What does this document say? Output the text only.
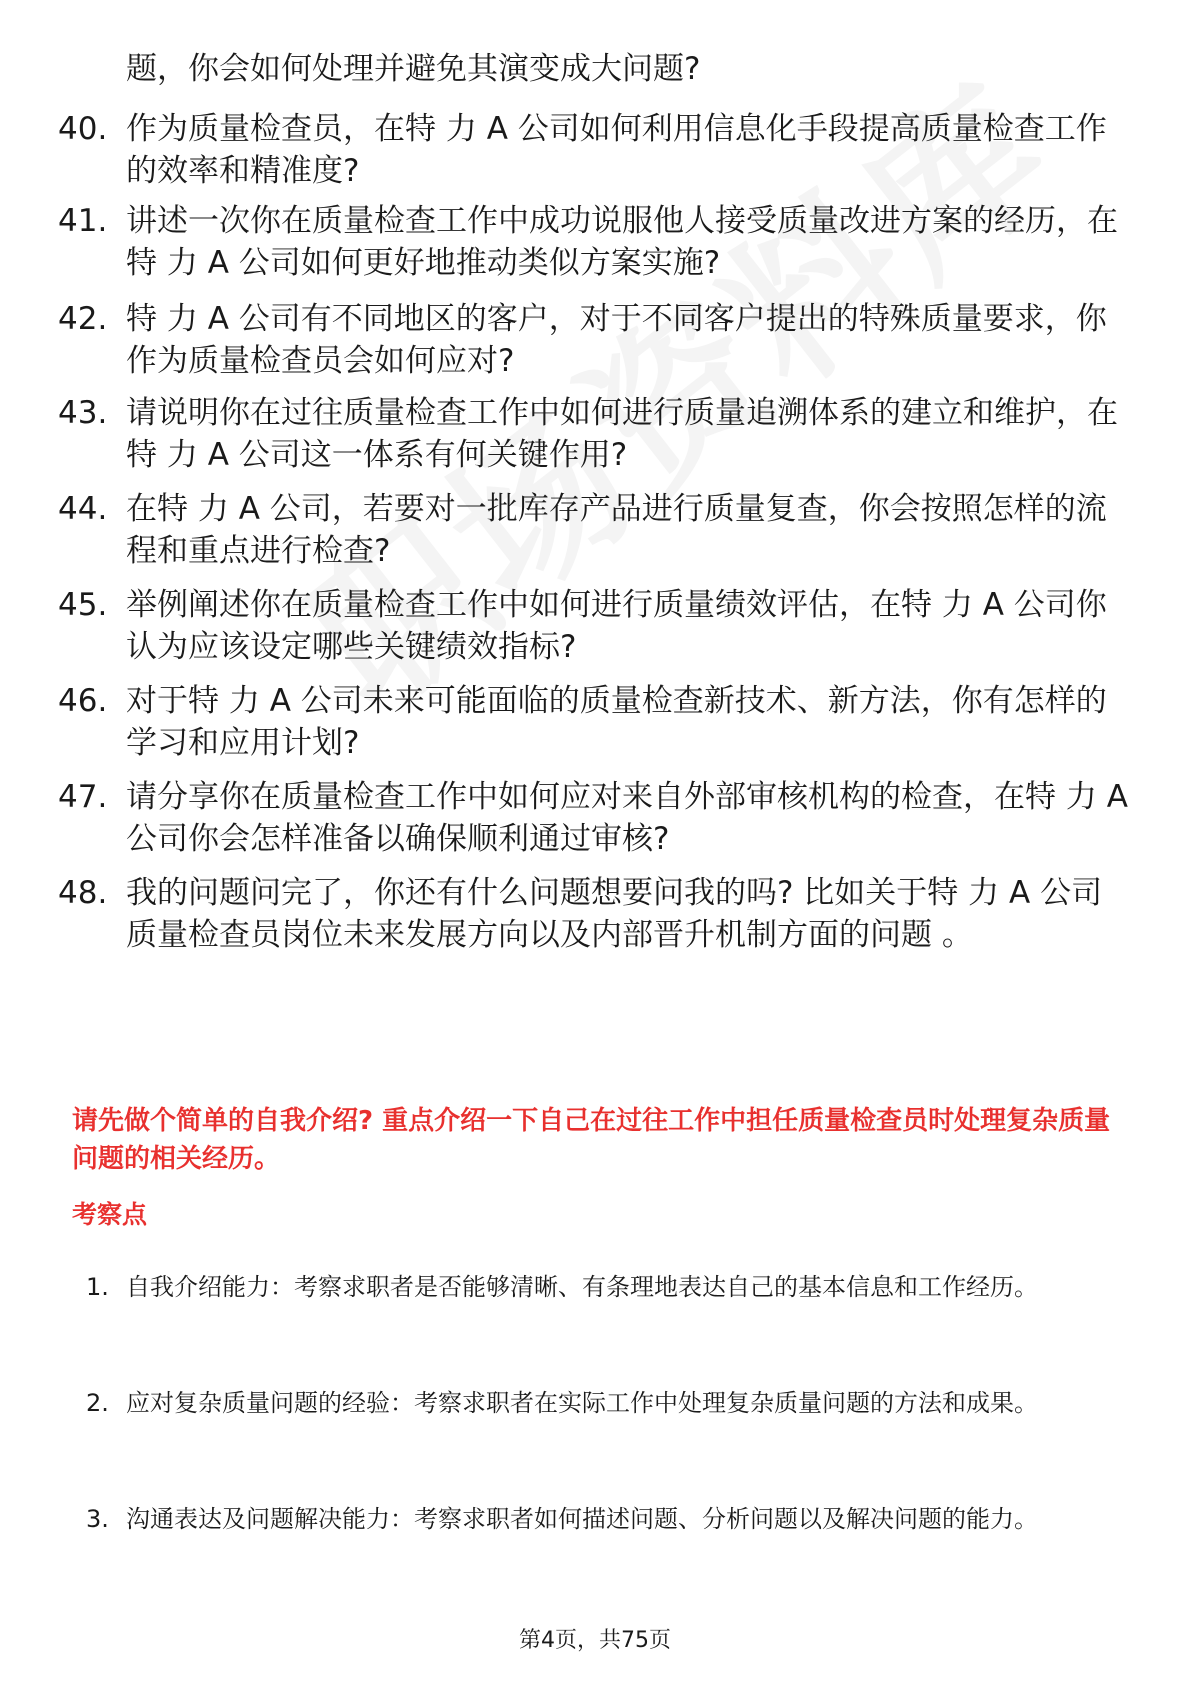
题，你会如何处理并避免其演变成大问题?
40. 作为质量检查员，在特 力 A 公司如何利用信息化手段提高质量检查工作的效率和精准度?
41. 讲述一次你在质量检查工作中成功说服他人接受质量改进方案的经历，在特 力 A 公司如何更好地推动类似方案实施?
42. 特 力 A 公司有不同地区的客户，对于不同客户提出的特殊质量要求，你作为质量检查员会如何应对?
43. 请说明你在过往质量检查工作中如何进行质量追溯体系的建立和维护，在特 力 A 公司这一体系有何关键作用?
44. 在特 力 A 公司，若要对一批库存产品进行质量复查，你会按照怎样的流程和重点进行检查?
45. 举例阐述你在质量检查工作中如何进行质量绩效评估，在特 力 A 公司你认为应该设定哪些关键绩效指标?
46. 对于特 力 A 公司未来可能面临的质量检查新技术、新方法，你有怎样的学习和应用计划?
47. 请分享你在质量检查工作中如何应对来自外部审核机构的检查，在特 力 A 公司你会怎样准备以确保顺利通过审核?
48. 我的问题问完了，你还有什么问题想要问我的吗? 比如关于特 力 A 公司质量检查员岗位未来发展方向以及内部晋升机制方面的问题 。
请先做个简单的自我介绍? 重点介绍一下自己在过往工作中担任质量检查员时处理复杂质量问题的相关经历。
考察点
1. 自我介绍能力：考察求职者是否能够清晰、有条理地表达自己的基本信息和工作经历。
2. 应对复杂质量问题的经验：考察求职者在实际工作中处理复杂质量问题的方法和成果。
3. 沟通表达及问题解决能力：考察求职者如何描述问题、分析问题以及解决问题的能力。
第4页，共75页
